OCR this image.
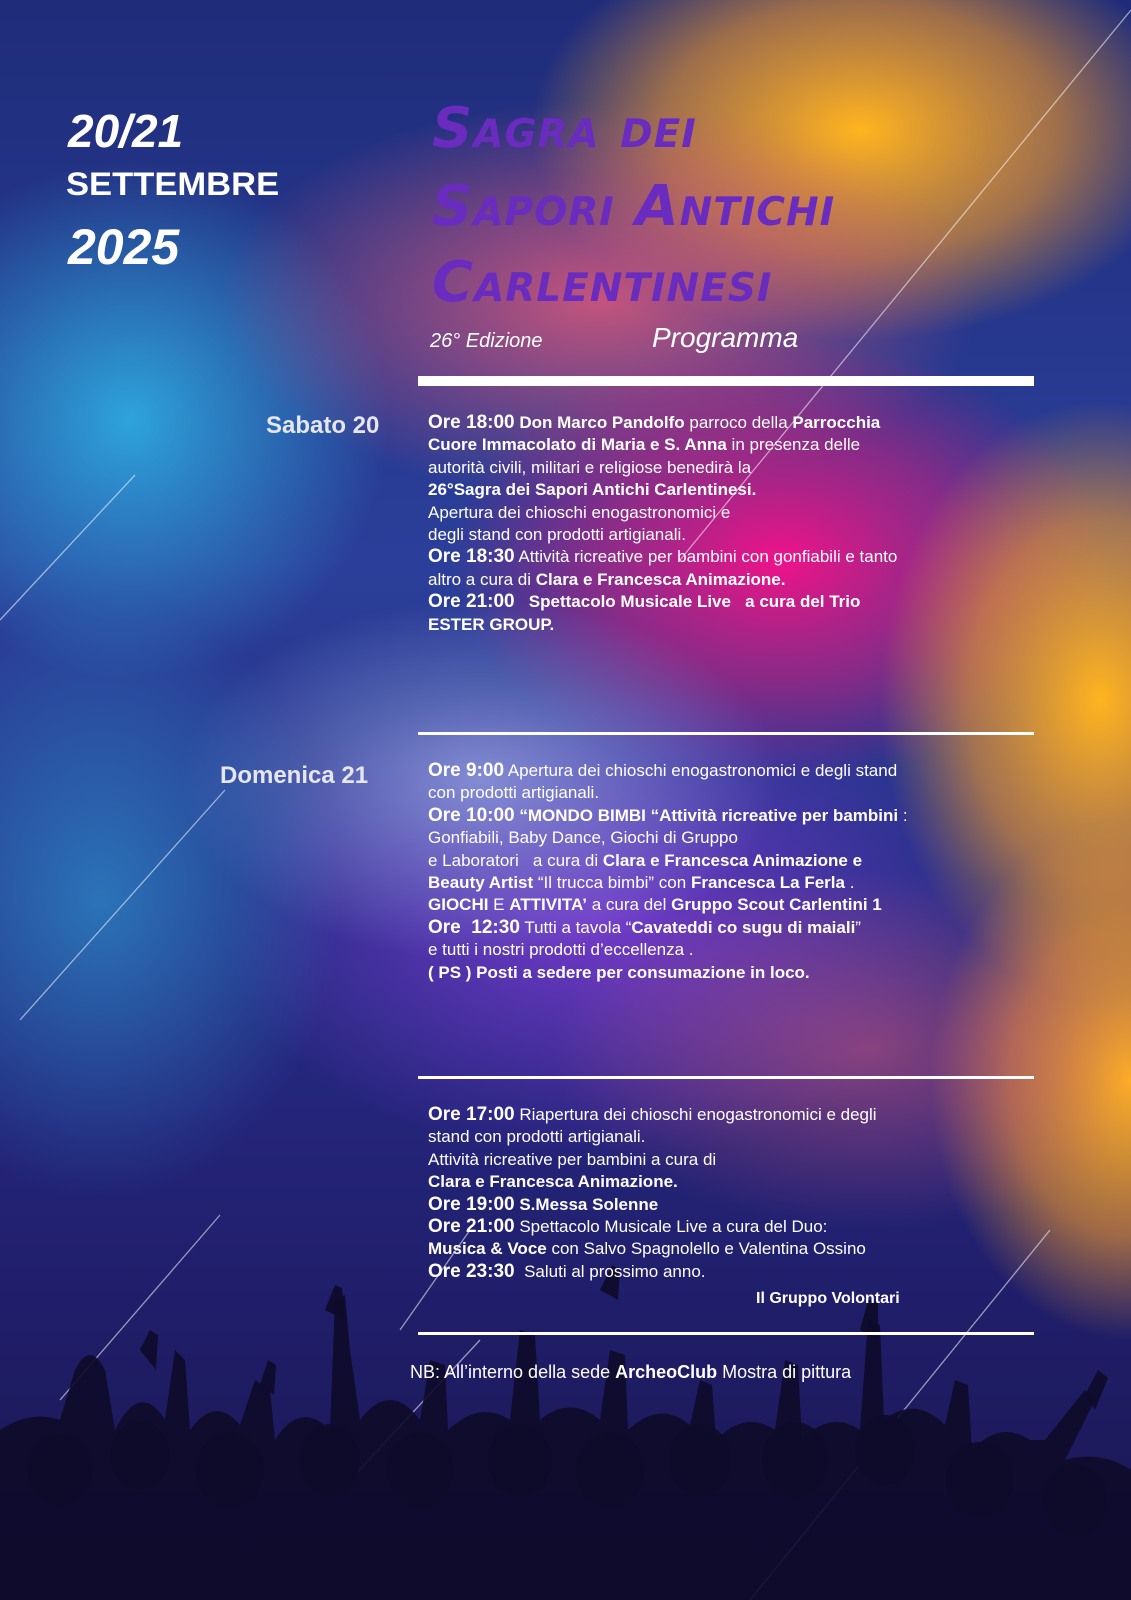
20/21
SETTEMBRE
2025
Sagra dei
Sapori Antichi
Carlentinesi
26° Edizione	Programma
Sabato 20	Ore 18:00 Don Marco Pandolfo parroco della Parrocchia
Cuore Immacolato di Maria e S. Anna in presenza delle
autorità civili, militari e religiose benedirà la
26°Sagra dei Sapori Antichi Carlentinesi.
Apertura dei chioschi enogastronomici e
degli stand con prodotti artigianali.
Ore 18:30 Attività ricreative per bambini con gonfiabili e tanto
altro a cura di Clara e Francesca Animazione.
Ore 21:00   Spettacolo Musicale Live   a cura del Trio
ESTER GROUP.
Domenica 21	Ore 9:00 Apertura dei chioschi enogastronomici e degli stand
con prodotti artigianali.
Ore 10:00 “MONDO BIMBI “Attività ricreative per bambini :
Gonfiabili, Baby Dance, Giochi di Gruppo
e Laboratori   a cura di Clara e Francesca Animazione e
Beauty Artist “Il trucca bimbi” con Francesca La Ferla .
GIOCHI E ATTIVITA’ a cura del Gruppo Scout Carlentini 1
Ore  12:30 Tutti a tavola “Cavateddi co sugu di maiali”
e tutti i nostri prodotti d’eccellenza .
( PS ) Posti a sedere per consumazione in loco.
Ore 17:00 Riapertura dei chioschi enogastronomici e degli
stand con prodotti artigianali.
Attività ricreative per bambini a cura di
Clara e Francesca Animazione.
Ore 19:00 S.Messa Solenne
Ore 21:00 Spettacolo Musicale Live a cura del Duo:
Musica & Voce con Salvo Spagnolello e Valentina Ossino
Ore 23:30  Saluti al prossimo anno.
Il Gruppo Volontari
NB: All’interno della sede ArcheoClub Mostra di pittura
